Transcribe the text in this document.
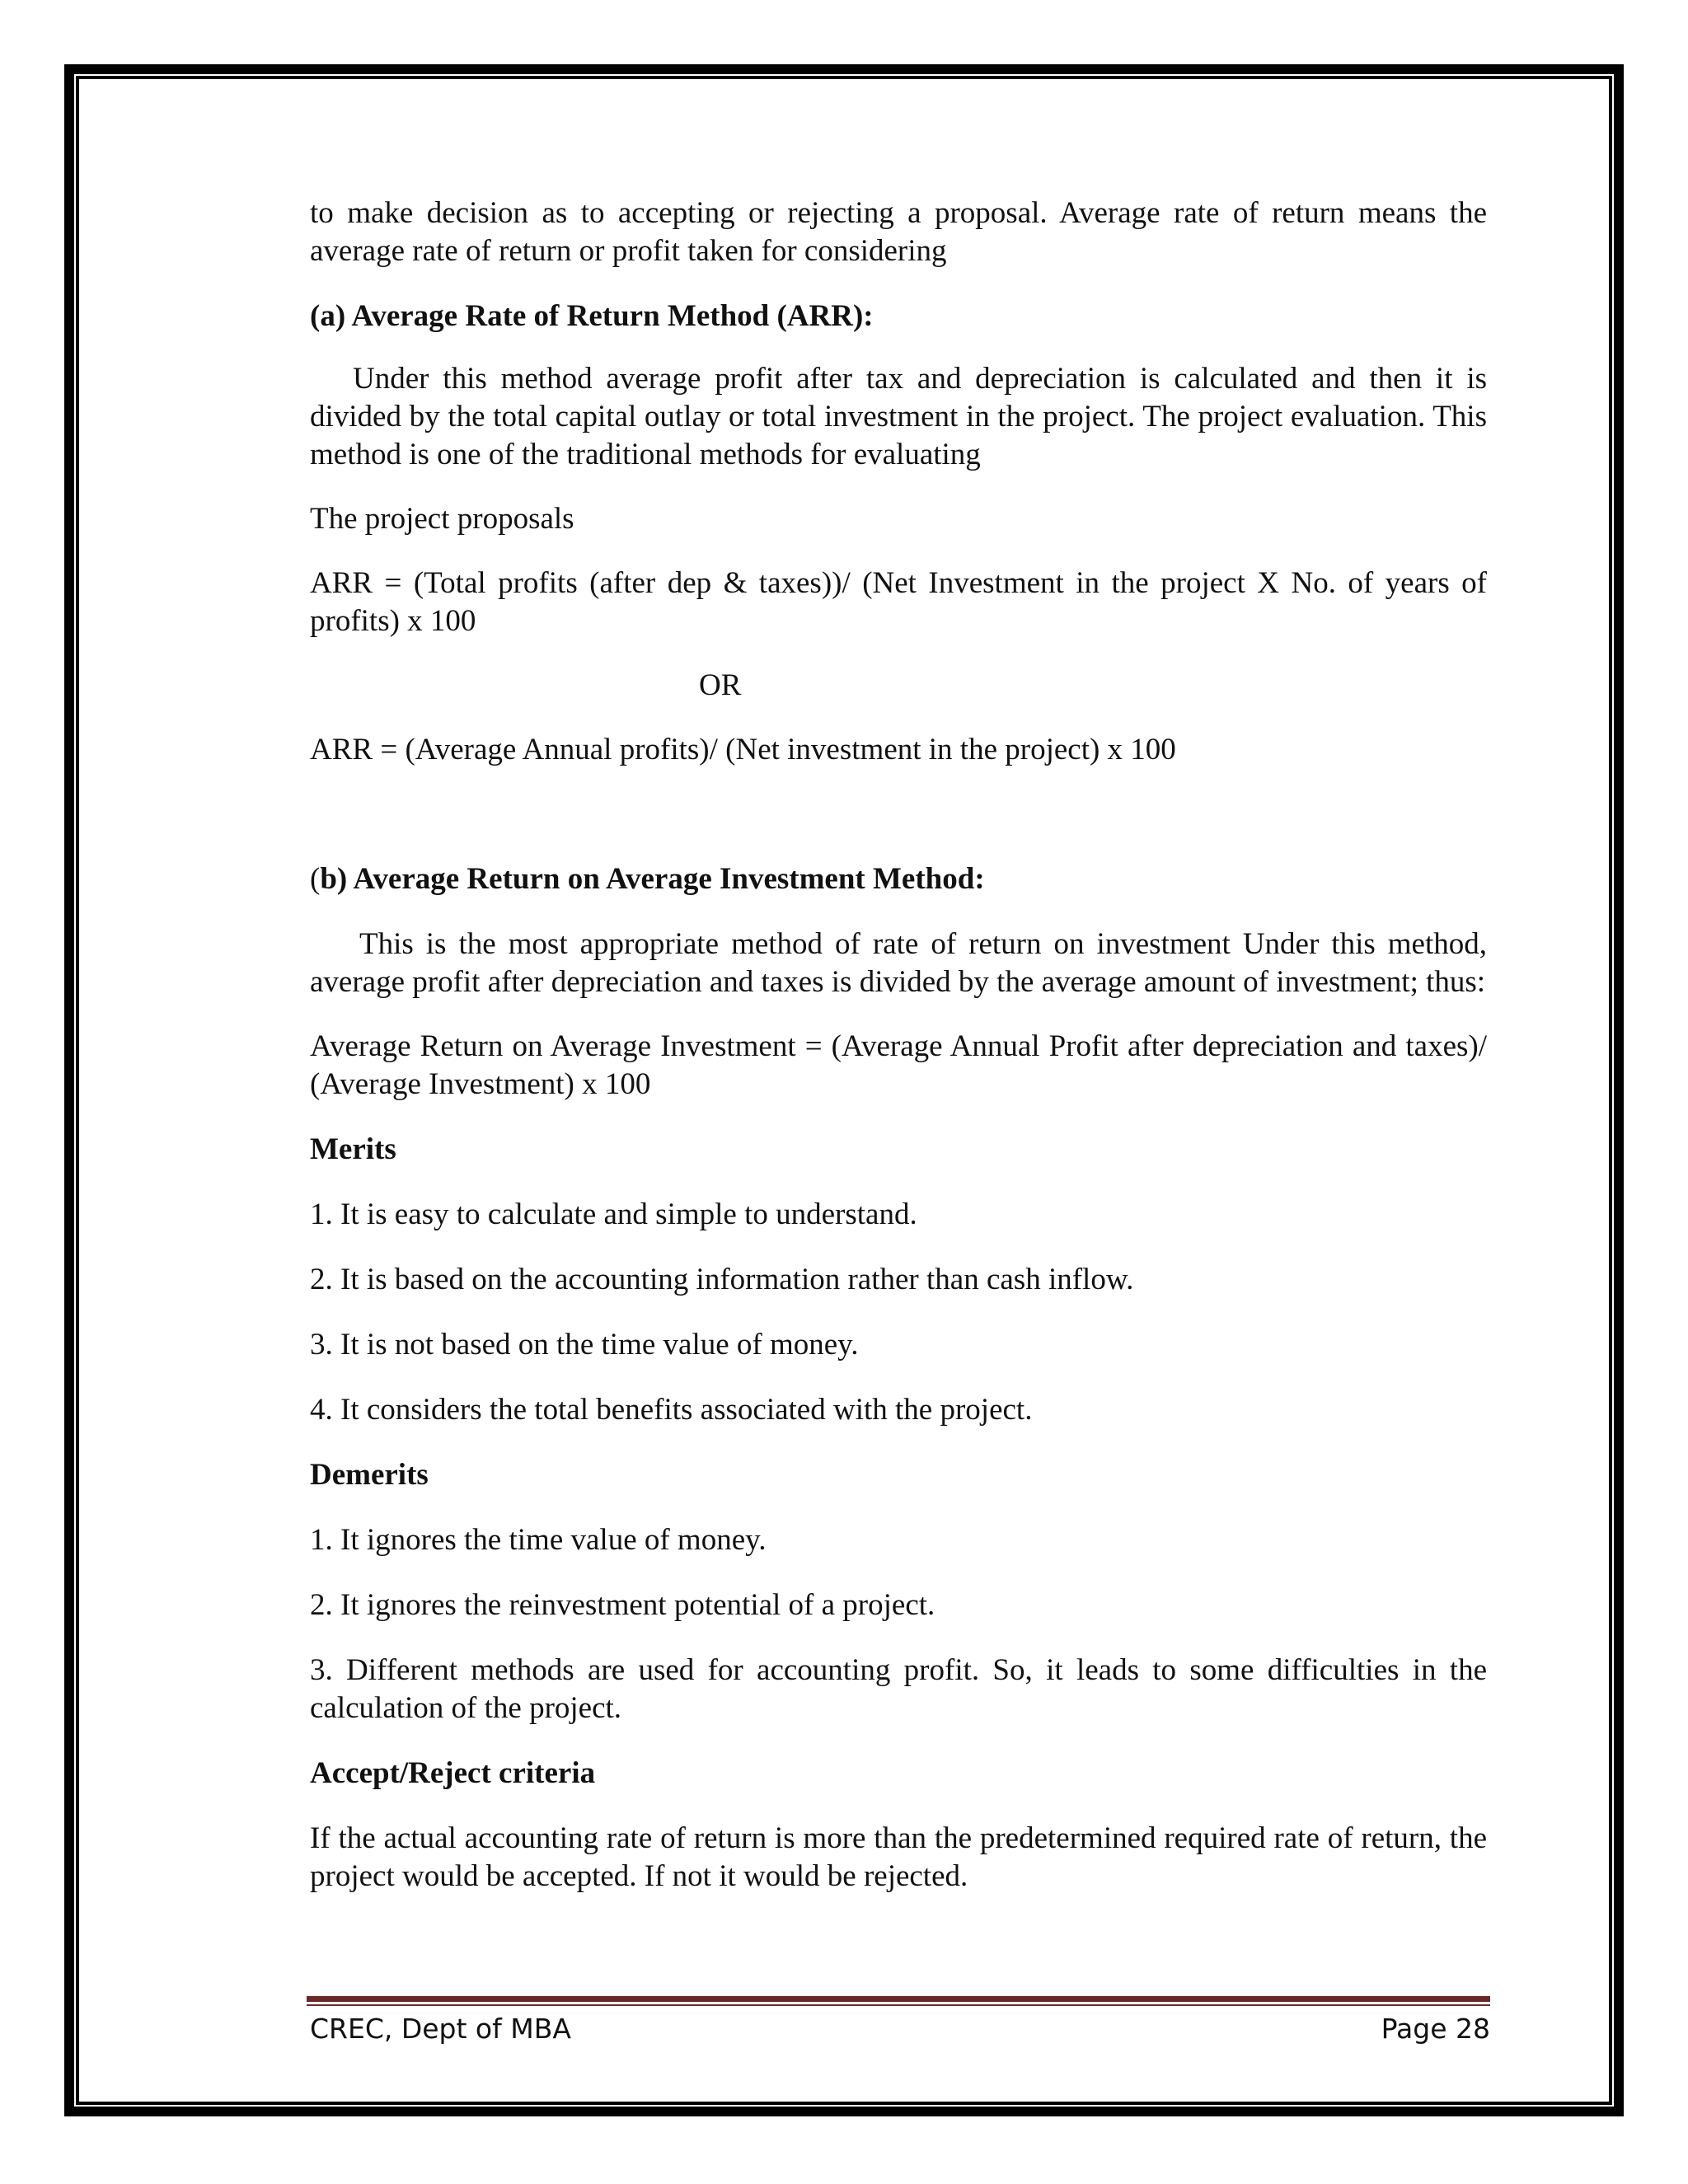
to make decision as to accepting or rejecting a proposal. Average rate of return means the average rate of return or profit taken for considering

(a) Average Rate of Return Method (ARR):

Under this method average profit after tax and depreciation is calculated and then it is divided by the total capital outlay or total investment in the project. The project evaluation. This method is one of the traditional methods for evaluating

The project proposals

ARR = (Total profits (after dep & taxes))/ (Net Investment in the project X No. of years of profits) x 100

OR

ARR = (Average Annual profits)/ (Net investment in the project) x 100

(b) Average Return on Average Investment Method:

This is the most appropriate method of rate of return on investment Under this method, average profit after depreciation and taxes is divided by the average amount of investment; thus:

Average Return on Average Investment = (Average Annual Profit after depreciation and taxes)/ (Average Investment) x 100

Merits

1. It is easy to calculate and simple to understand.

2. It is based on the accounting information rather than cash inflow.

3. It is not based on the time value of money.

4. It considers the total benefits associated with the project.

Demerits

1. It ignores the time value of money.

2. It ignores the reinvestment potential of a project.

3. Different methods are used for accounting profit. So, it leads to some difficulties in the calculation of the project.

Accept/Reject criteria

If the actual accounting rate of return is more than the predetermined required rate of return, the project would be accepted. If not it would be rejected.

CREC, Dept of MBA	Page 28
